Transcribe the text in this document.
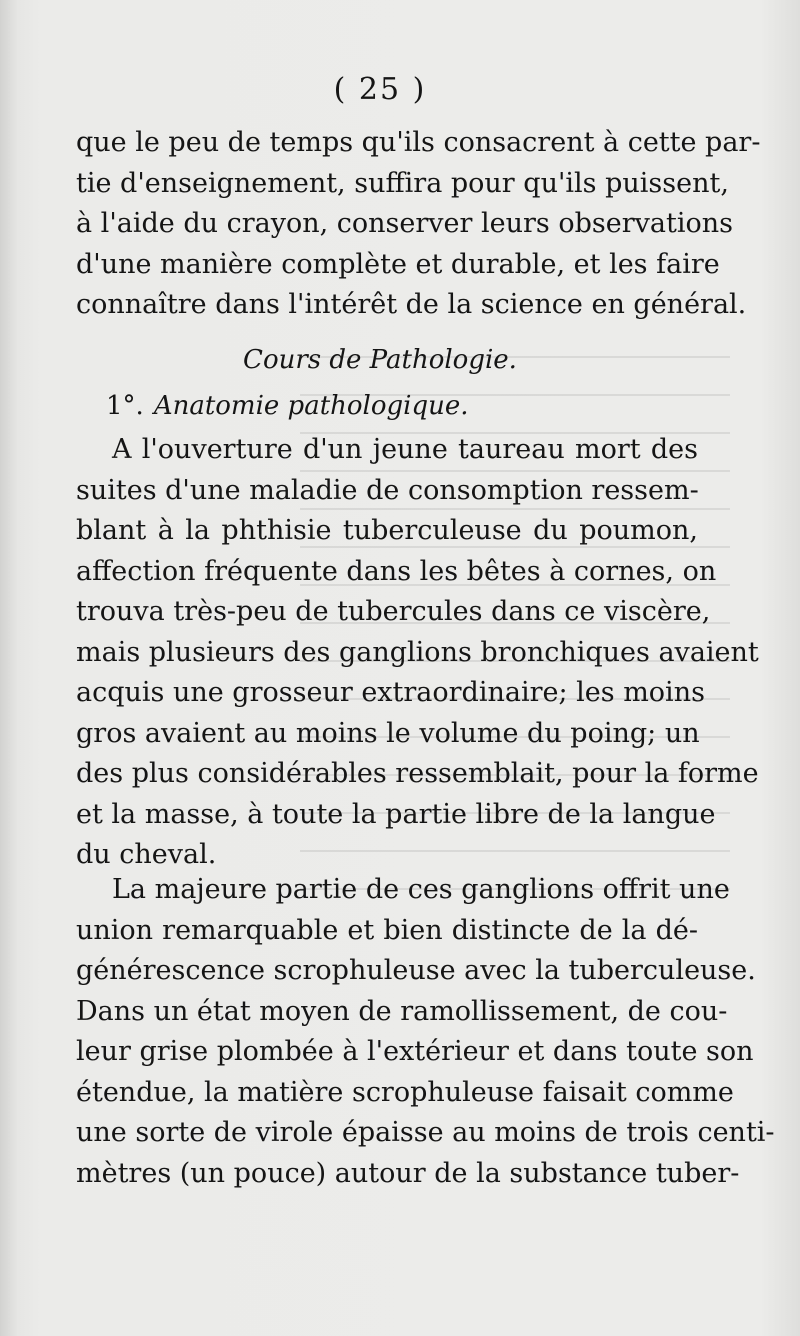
( 25 )
que le peu de temps qu'ils consacrent à cette par-
tie d'enseignement, suffira pour qu'ils puissent,
à l'aide du crayon, conserver leurs observations
d'une manière complète et durable, et les faire
connaître dans l'intérêt de la science en général.
Cours de Pathologie.
1°. Anatomie pathologique.
A l'ouverture d'un jeune taureau mort des
suites d'une maladie de consomption ressem-
blant à la phthisie tuberculeuse du poumon,
affection fréquente dans les bêtes à cornes, on
trouva très-peu de tubercules dans ce viscère,
mais plusieurs des ganglions bronchiques avaient
acquis une grosseur extraordinaire; les moins
gros avaient au moins le volume du poing; un
des plus considérables ressemblait, pour la forme
et la masse, à toute la partie libre de la langue
du cheval.
La majeure partie de ces ganglions offrit une
union remarquable et bien distincte de la dé-
générescence scrophuleuse avec la tuberculeuse.
Dans un état moyen de ramollissement, de cou-
leur grise plombée à l'extérieur et dans toute son
étendue, la matière scrophuleuse faisait comme
une sorte de virole épaisse au moins de trois centi-
mètres (un pouce) autour de la substance tuber-
